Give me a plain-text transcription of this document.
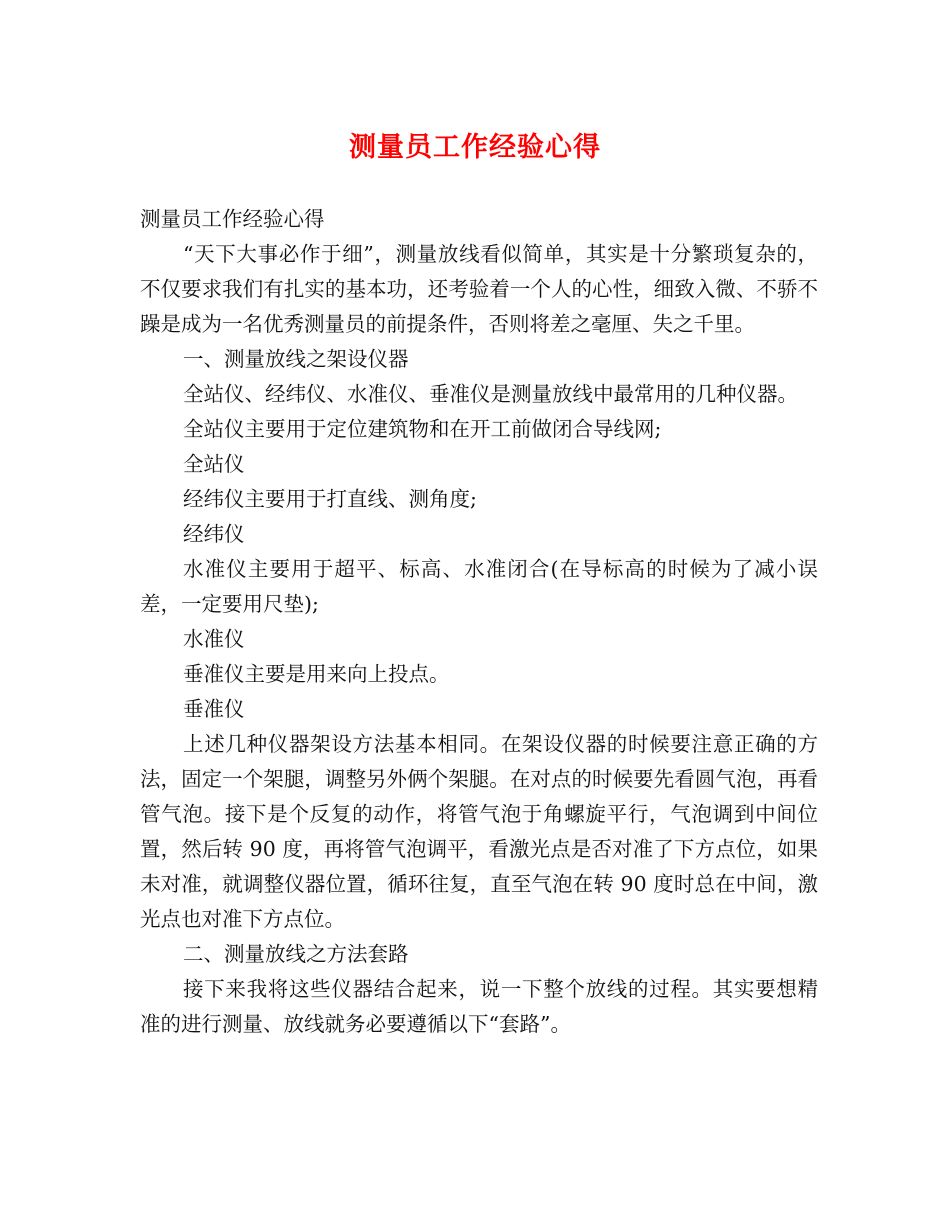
测量员工作经验心得

测量员工作经验心得

“天下大事必作于细”，测量放线看似简单，其实是十分繁琐复杂的，不仅要求我们有扎实的基本功，还考验着一个人的心性，细致入微、不骄不躁是成为一名优秀测量员的前提条件，否则将差之毫厘、失之千里。

一、测量放线之架设仪器

全站仪、经纬仪、水准仪、垂准仪是测量放线中最常用的几种仪器。

全站仪主要用于定位建筑物和在开工前做闭合导线网;

全站仪

经纬仪主要用于打直线、测角度;

经纬仪

水准仪主要用于超平、标高、水准闭合(在导标高的时候为了减小误差，一定要用尺垫);

水准仪

垂准仪主要是用来向上投点。

垂准仪

上述几种仪器架设方法基本相同。在架设仪器的时候要注意正确的方法，固定一个架腿，调整另外俩个架腿。在对点的时候要先看圆气泡，再看管气泡。接下是个反复的动作，将管气泡于角螺旋平行，气泡调到中间位置，然后转 90 度，再将管气泡调平，看激光点是否对准了下方点位，如果未对准，就调整仪器位置，循环往复，直至气泡在转 90 度时总在中间，激光点也对准下方点位。

二、测量放线之方法套路

接下来我将这些仪器结合起来，说一下整个放线的过程。其实要想精准的进行测量、放线就务必要遵循以下“套路”。
